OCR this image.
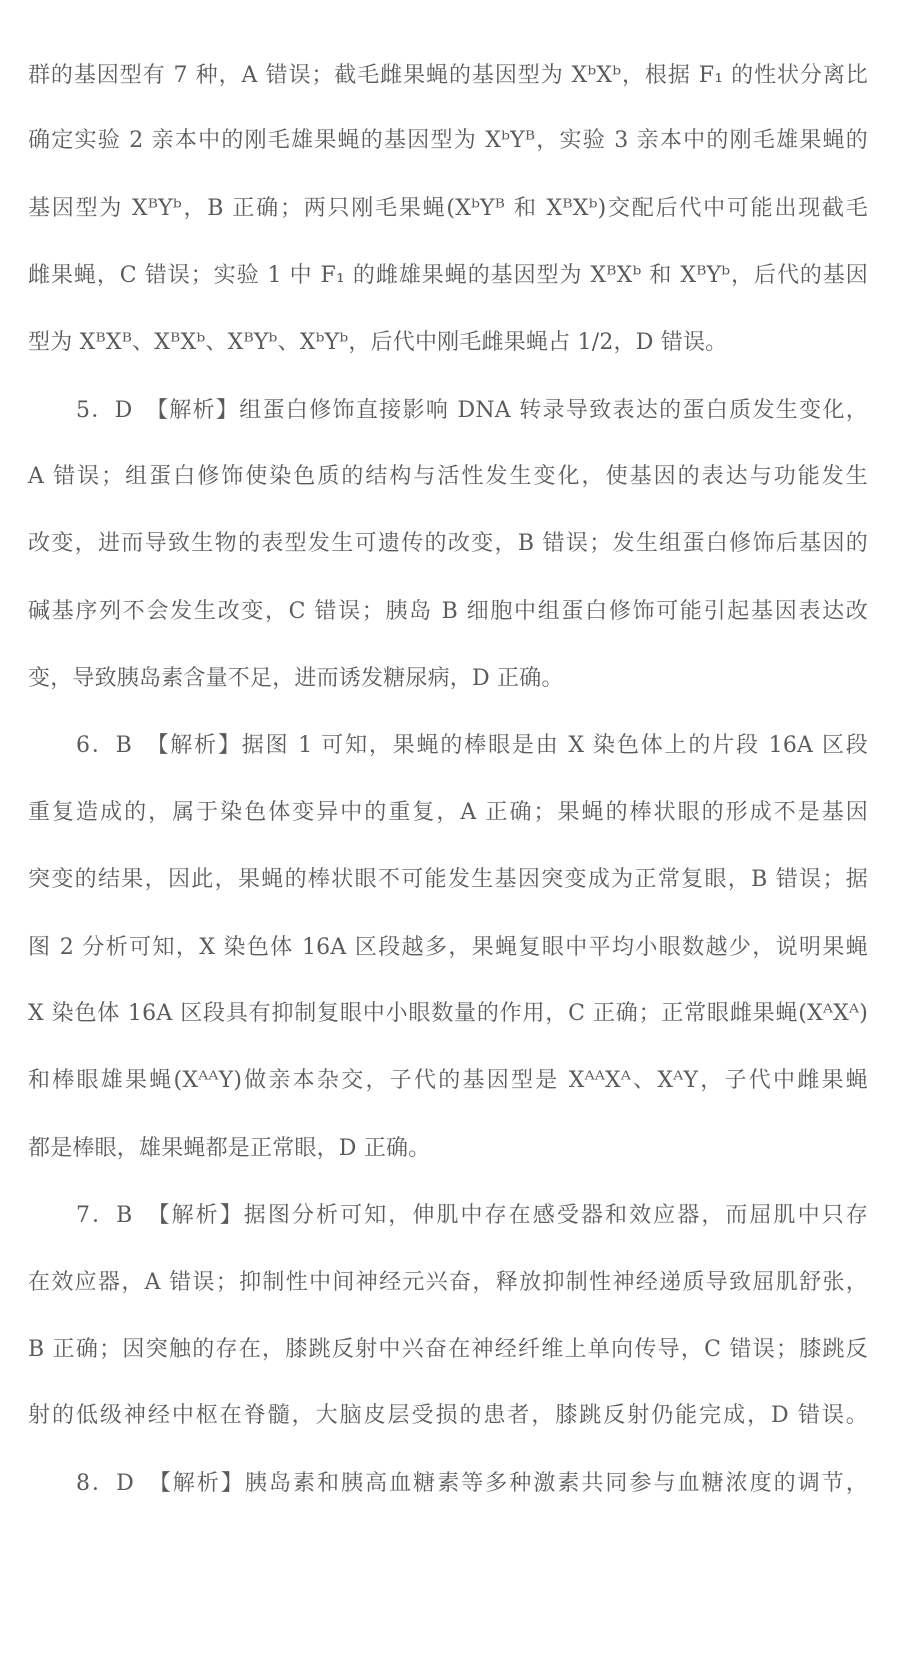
群的基因型有 7 种，A 错误；截毛雌果蝇的基因型为 XᵇXᵇ，根据 F₁ 的性状分离比
确定实验 2 亲本中的刚毛雄果蝇的基因型为 XᵇYᴮ，实验 3 亲本中的刚毛雄果蝇的
基因型为 XᴮYᵇ，B 正确；两只刚毛果蝇(XᵇYᴮ 和 XᴮXᵇ)交配后代中可能出现截毛
雌果蝇，C 错误；实验 1 中 F₁ 的雌雄果蝇的基因型为 XᴮXᵇ 和 XᴮYᵇ，后代的基因
型为 XᴮXᴮ、XᴮXᵇ、XᴮYᵇ、XᵇYᵇ，后代中刚毛雌果蝇占 1/2，D 错误。
5．D　【解析】组蛋白修饰直接影响 DNA 转录导致表达的蛋白质发生变化，
A 错误；组蛋白修饰使染色质的结构与活性发生变化，使基因的表达与功能发生
改变，进而导致生物的表型发生可遗传的改变，B 错误；发生组蛋白修饰后基因的
碱基序列不会发生改变，C 错误；胰岛 B 细胞中组蛋白修饰可能引起基因表达改
变，导致胰岛素含量不足，进而诱发糖尿病，D 正确。
6．B　【解析】据图 1 可知，果蝇的棒眼是由 X 染色体上的片段 16A 区段
重复造成的，属于染色体变异中的重复，A 正确；果蝇的棒状眼的形成不是基因
突变的结果，因此，果蝇的棒状眼不可能发生基因突变成为正常复眼，B 错误；据
图 2 分析可知，X 染色体 16A 区段越多，果蝇复眼中平均小眼数越少，说明果蝇
X 染色体 16A 区段具有抑制复眼中小眼数量的作用，C 正确；正常眼雌果蝇(XᴬXᴬ)
和棒眼雄果蝇(XᴬᴬY)做亲本杂交，子代的基因型是 XᴬᴬXᴬ、XᴬY，子代中雌果蝇
都是棒眼，雄果蝇都是正常眼，D 正确。
7．B　【解析】据图分析可知，伸肌中存在感受器和效应器，而屈肌中只存
在效应器，A 错误；抑制性中间神经元兴奋，释放抑制性神经递质导致屈肌舒张，
B 正确；因突触的存在，膝跳反射中兴奋在神经纤维上单向传导，C 错误；膝跳反
射的低级神经中枢在脊髓，大脑皮层受损的患者，膝跳反射仍能完成，D 错误。
8．D　【解析】胰岛素和胰高血糖素等多种激素共同参与血糖浓度的调节，
